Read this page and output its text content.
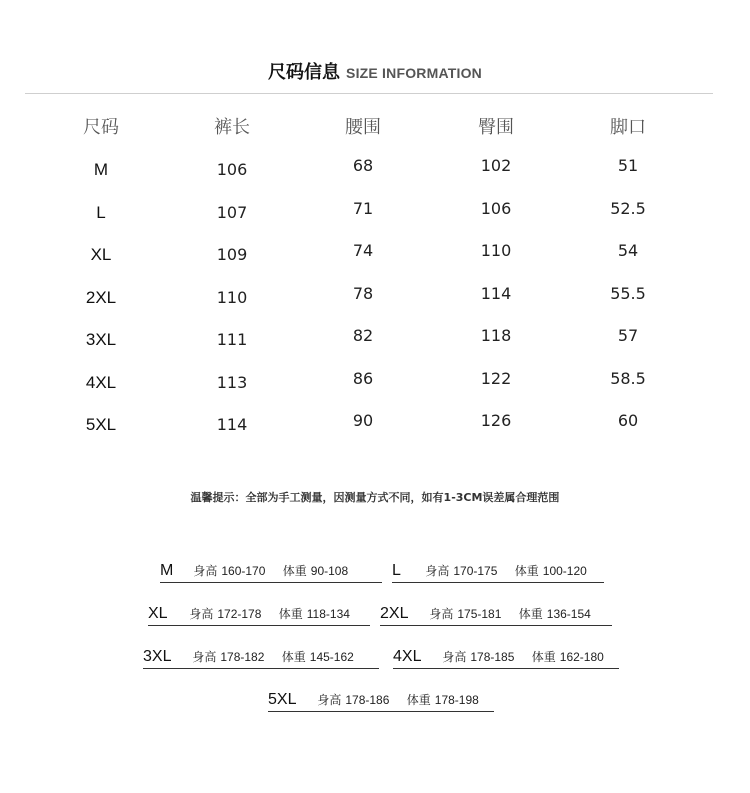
尺码信息 SIZE INFORMATION
尺码	裤长	腰围	臀围	脚口
M	106	68	102	51
L	107	71	106	52.5
XL	109	74	110	54
2XL	110	78	114	55.5
3XL	111	82	118	57
4XL	113	86	122	58.5
5XL	114	90	126	60
温馨提示：全部为手工测量，因测量方式不同，如有1-3CM误差属合理范围
M 身高 160-170 体重 90-108	L 身高 170-175 体重 100-120
XL 身高 172-178 体重 118-134	2XL 身高 175-181 体重 136-154
3XL 身高 178-182 体重 145-162	4XL 身高 178-185 体重 162-180
5XL 身高 178-186 体重 178-198
